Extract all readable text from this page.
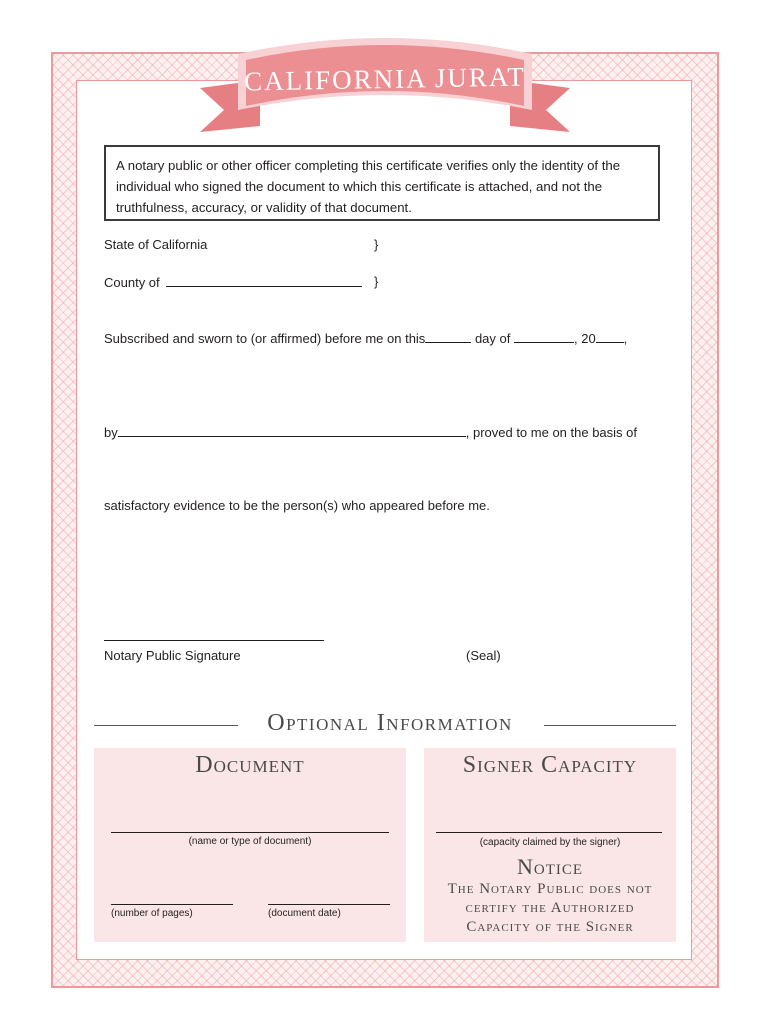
CALIFORNIA JURAT
Certificate
A notary public or other officer completing this certificate verifies only the identity of the individual who signed the document to which this certificate is attached, and not the truthfulness, accuracy, or validity of that document.
State of California	}
County of	}
Subscribed and sworn to (or affirmed) before me on this	day of	, 20 ,
by	, proved to me on the basis of
satisfactory evidence to be the person(s) who appeared before me.
Notary Public Signature	(Seal)
Optional Information
Document
(name or type of document)
(number of pages)	(document date)
Signer Capacity
(capacity claimed by the signer)
Notice
The Notary Public does not
certify the Authorized
Capacity of the Signer
